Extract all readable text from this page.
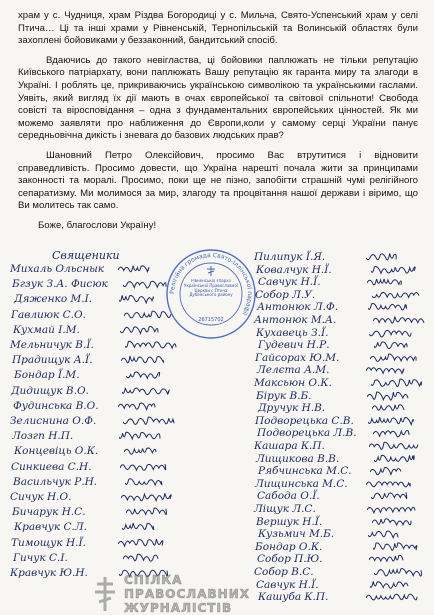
храм у с. Чудниця, храм Різдва Богородиці у с. Мильча, Свято-Успенський храм у селі Птича… Ці та інші храми у Рівненській, Тернопільській та Волинській областях були захоплені бойовиками у беззаконний, бандитський спосіб.

Вдаючись до такого невігластва, ці бойовики паплюжать не тільки репутацію Київського патріархату, вони паплюжать Вашу репутацію як гаранта миру та злагоди в Україні. І роблять це, прикриваючись українською символікою та українськими гаслами. Уявіть, який вигляд їх дії мають в очах європейської та світової спільноти! Свобода совісті та віросповідання – одна з фундаментальних європейських цінностей. Як ми можемо заявляти про наближення до Європи,коли у самому серці України панує середньовічна дикість і зневага до базових людських прав?

Шановний Петро Олексійович, просимо Вас втрутитися і відновити справедливість. Просимо довести, що Україна нарешті почала жити за принципами законності та моралі. Просимо, поки ще не пізно, запобігти страшній чумі релігійного сепаратизму. Ми молимося за мир, злагоду та процвітання нашої держави і віримо, що Ви молитесь так само.

Боже, благослови Україну!

Релігійна громада Свято-Іллінської парафії
Рівненської єпархії Української Православної Церкви с.Птича Дубенського району
26715702
Священики
Михаль Ольснык
Бгзук З.А. Фисюк
Дяженко М.І.
Гавлиюк С.О.
Кухмай І.М.
Мельничук В.Ї.
Прадищук А.Ї.
Бондар Ї.М.
Дидищук В.О.
Фудинська В.О.
Зелиснина О.Ф.
Лозгп Н.П.
Концевіць О.К.
Синкиева С.Н.
Васильчук Р.Н.
Сичук Н.О.
Бичарук Н.С.
Кравчук С.Л.
Тимощук Н.Ї.
Гичук С.І.
Кравчук Ю.Н.
Пилипук Ї.Я.
Ковалчук Н.Ї.
Савчук Н.Ї.
Собор Л.У.
Антонюк Л.Ф.
Антонюк М.А.
Кухавець З.Ї.
Гудевич Н.Р.
Гайсорах Ю.М.
Лелєта А.М.
Максьюн О.К.
Бірук В.Б.
Дручук Н.В.
Подворецька С.В.
Подворецька Л.В.
Кашара К.П.
Лищикова В.В.
Рябчинська М.С.
Лищинська М.С.
Сабода О.Ї.
Ліщук Л.С.
Вершук Н.Ї.
Кузьмич М.Б.
Бондар О.К.
Собор П.Ю.
Собор В.С.
Савчук Н.Ї.
Кашуба К.П.
СПІЛКА
ПРАВОСЛАВНИХ
ЖУРНАЛІСТІВ
